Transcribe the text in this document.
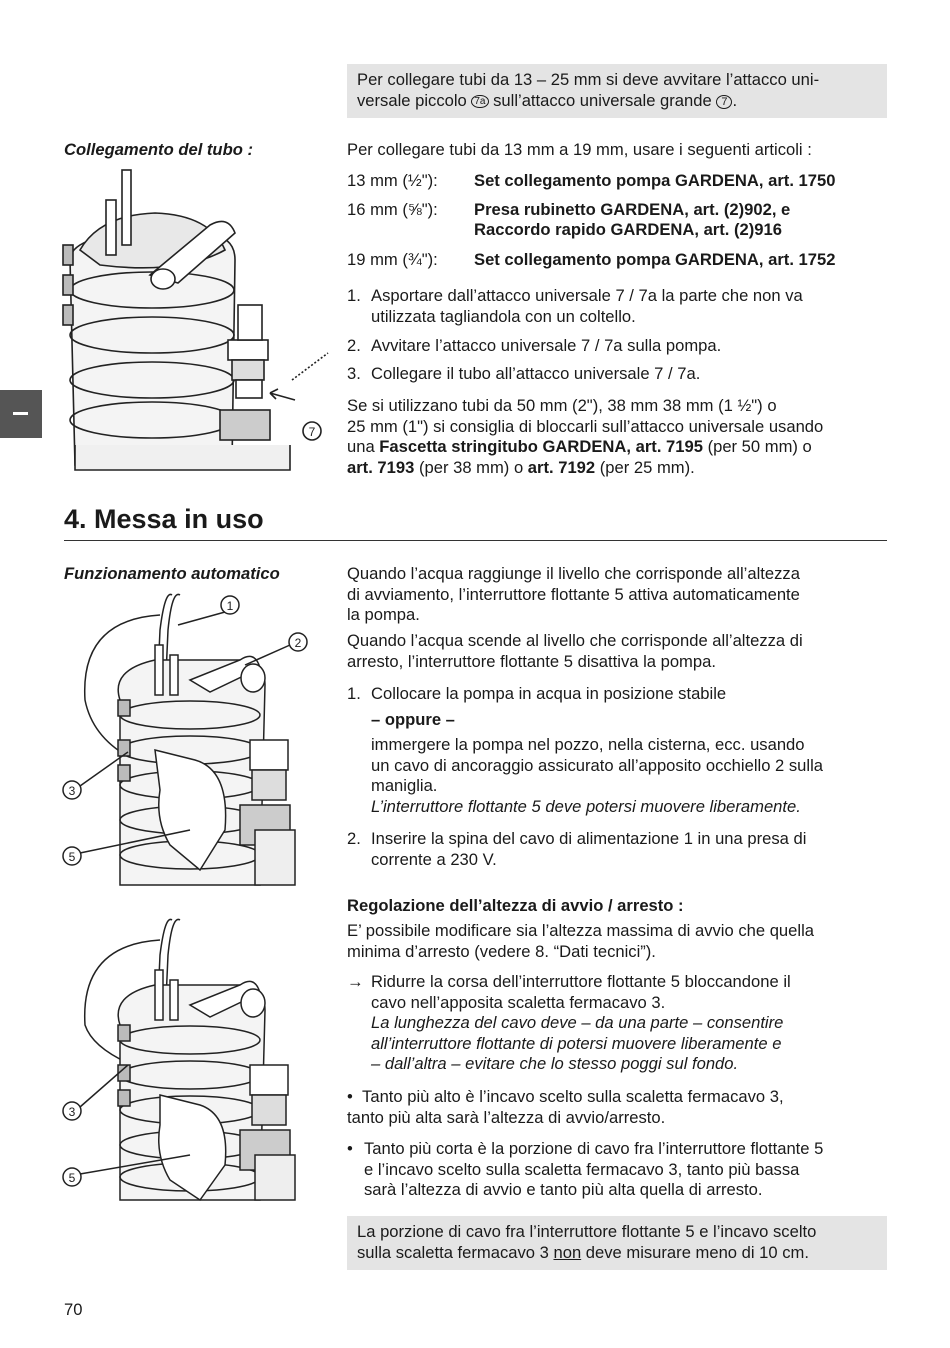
Per collegare tubi da 13 – 25 mm si deve avvitare l’attacco uni-
versale piccolo 7a sull’attacco universale grande 7 .
Collegamento del tubo :
7
Per collegare tubi da 13 mm a 19 mm, usare i seguenti articoli :
13 mm (½"): Set collegamento pompa GARDENA, art. 1750
16 mm (⅝"): Presa rubinetto GARDENA, art. (2)902, e
Raccordo rapido GARDENA, art. (2)916
19 mm (¾"): Set collegamento pompa GARDENA, art. 1752
1. Asportare dall’attacco universale 7 / 7a la parte che non va
utilizzata tagliandola con un coltello.
2. Avvitare l’attacco universale 7 / 7a sulla pompa.
3. Collegare il tubo all’attacco universale 7 / 7a.
Se si utilizzano tubi da 50 mm (2"), 38 mm 38 mm (1 ½") o
25 mm (1") si consiglia di bloccarli sull’attacco universale usando
una Fascetta stringitubo GARDENA, art. 7195 (per 50 mm) o
art. 7193 (per 38 mm) o art. 7192 (per 25 mm).
4. Messa in uso
Funzionamento automatico
1
2
3
5
3
5
Quando l’acqua raggiunge il livello che corrisponde all’altezza
di avviamento, l’interruttore flottante 5 attiva automaticamente
la pompa.
Quando l’acqua scende al livello che corrisponde all’altezza di
arresto, l’interruttore flottante 5 disattiva la pompa.
1. Collocare la pompa in acqua in posizione stabile
– oppure –
immergere la pompa nel pozzo, nella cisterna, ecc. usando
un cavo di ancoraggio assicurato all’apposito occhiello 2 sulla
maniglia.
L’interruttore flottante 5 deve potersi muovere liberamente.
2. Inserire la spina del cavo di alimentazione 1 in una presa di
corrente a 230 V.
Regolazione dell’altezza di avvio / arresto :
E’ possibile modificare sia l’altezza massima di avvio che quella
minima d’arresto (vedere 8. “Dati tecnici”).
→ Ridurre la corsa dell’interruttore flottante 5 bloccandone il
cavo nell’apposita scaletta fermacavo 3.
La lunghezza del cavo deve – da una parte – consentire
all’interruttore flottante di potersi muovere liberamente e
– dall’altra – evitare che lo stesso poggi sul fondo.
• Tanto più alto è l’incavo scelto sulla scaletta fermacavo 3,
tanto più alta sarà l’altezza di avvio/arresto.
• Tanto più corta è la porzione di cavo fra l’interruttore flottante 5
e l’incavo scelto sulla scaletta fermacavo 3, tanto più bassa
sarà l’altezza di avvio e tanto più alta quella di arresto.
La porzione di cavo fra l’interruttore flottante 5 e l’incavo scelto
sulla scaletta fermacavo 3 non deve misurare meno di 10 cm.
70
